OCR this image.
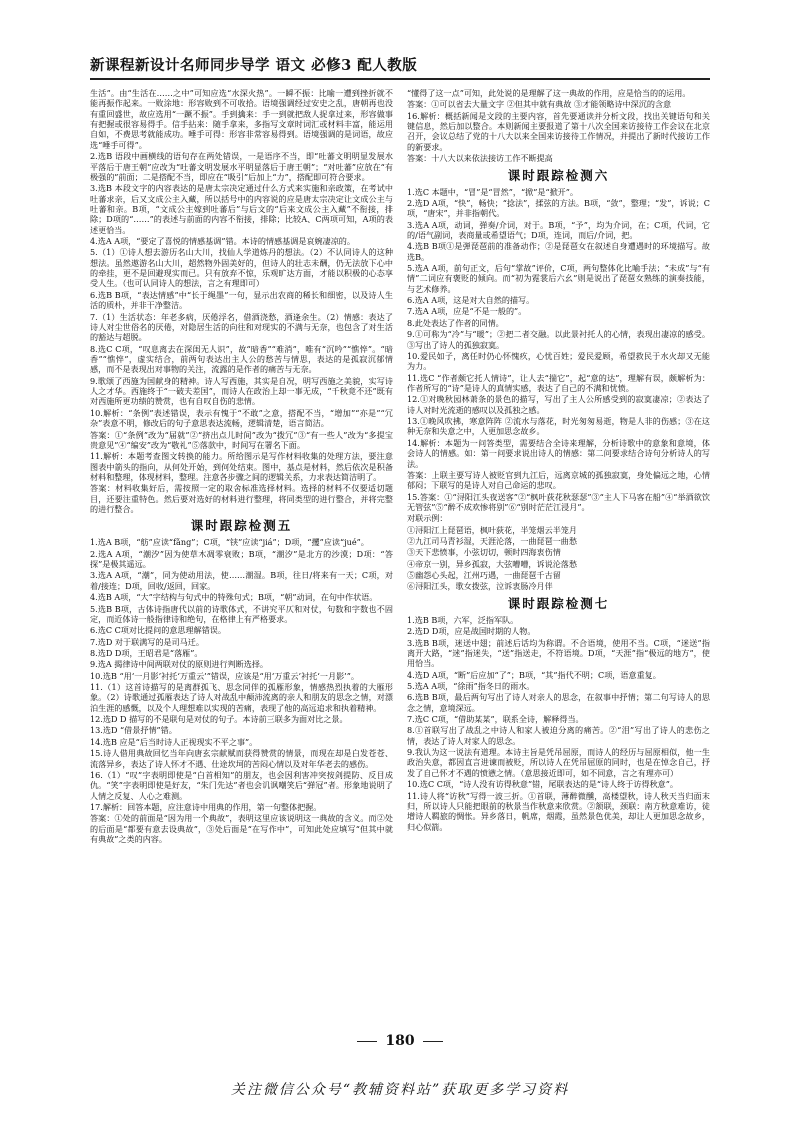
新课程新设计名师同步导学 语文 必修3 配人教版
生活”。由“生活在……之中”可知应选“水深火热”。一瞬不振：比喻一遭到挫折就不能再振作起来。一败涂地：形容败到不可收拾。语境强调经过安史之乱，唐朝再也没有重回盛世，故应选用“一蹶不振”。手到擒来：手一到就把敌人捉拿过来，形容做事有把握或很容易得手。信手拈来：随手拿来，多指写文章时词汇或材料丰富，能运用自如，不费思考就能成功。唾手可得：形容非常容易得到。语境强调的是词语，故应选“唾手可得”。
2.选B 语段中画横线的语句存在两处错误，一是语序不当，即“吐蕃文明明显发展水平落后于唐王朝”应改为“吐蕃文明发展水平明显落后于唐王朝”；“对吐蕃”应放在“有极强的”前面；二是搭配不当，即应在“吸引”后加上“力”，搭配即可符合要求。
3.选B 本段文字的内容表达的是唐太宗决定通过什么方式来实施和亲政策，在考试中吐蕃求亲，后又文成公主入藏，所以括号中的内容说的应是唐太宗决定让文成公主与吐蕃和亲。B项，“文成公主嫁到吐蕃后”与后文的“后来文成公主入藏”不衔接，排除；D项的“……”的表述与前面的内容不衔接，排除；比较A、C两项可知，A项的表述更恰当。
4.选A A项，“要定了喜悦的情感基调”错。本诗的情感基调是哀婉凄凉的。
5.（1）①诗人想去游历名山大川，找仙人学道炼丹的想法。（2）不认同诗人的这种想法。虽然遨游名山大川，超然物外固美好的，但诗人的壮志未酬，仍无法放下心中的牵挂，更不是回避现实而已。只有放弃不惊，乐观旷达方面，才能以积极的心态享受人生。（也可认同诗人的想法，言之有理即可）
6.选B B项，“表达情感”中“长于绳墨”一句，显示出农商的稀长和细密，以及诗人生活的质朴，并非干净整洁。
7.（1）生活状态：年老多病，厌倦浮名，借酒浇愁，酒逢余生。（2）情感：表达了诗人对尘世俗名的厌倦，对隐居生活的向往和对现实的不满与无奈，也包含了对生活的豁达与超脱。
8.选C C项，“叹息离去在深闺无人识”，故“暗香”“难消”，唯有“沉吟”“憔悴”。“暗香”“憔悴”，虚实结合，前两句表达出主人公的愁苦与情思，表达的是孤寂沉郁情感，而不是表现出对事物的关注，流露的是作者的痛苦与无奈。
9.歌颂了西施为国献身的精神。诗人写西施，其实是自况，明写西施之美貌，实写诗人之才华。西施终于“一破夫差国”，而诗人在政治上却一事无成，“千秋竟不还”既有对西施所更功绩的赞赏，也有自叹自伤的悲情。
10.解析：“条例”表述错误，表示有愧于“不敢”之意，搭配不当，“增加”“亦是”“冗杂”表意不明，修改后的句子意思表达流畅，逻辑清楚，语言简洁。
答案：①“条例”改为“届就”②“挤出点儿时间”改为“拨冗”③“有一些人”改为“多提宝贵意见”④“编安”改为“敬礼”⑤落款中，时间写在署名下面。
11.解析：本题考查图文转换的能力。所给图示是写作材料收集的处理方法，要注意图表中箭头的指向，从何处开始，到何处结束。图中，基点是材料，然后依次是积备材料和整理，体现材料，整理。注意各步骤之间的逻辑关系，力求表达简洁明了。
答案：材料收集好后，需按照一定的取舍标准选择材料。选择的材料不仅要适切题目，还要注重特色。然后要对选好的材料进行整理，将同类型的进行整合，并将完整的进行整合。
课时跟踪检测五
1.选A B项，“舫”应读“fǎng”；C项，“铗”应读“jiá”；D项，“攫”应读“jué”。
2.选A A项，“潮汐”因为使草木凋零衰败；B项，“潮汐”是北方的沙漠；D项：“答探”是极其遥远。
3.选A A项，“潮”，同为使动用法，使……潮湿。B项，往日/将来有一天；C项，对着/接连；D项，回收/返回，回家。
4.选B A项，“大”字结构与句式中的特殊句式；B项，“朝”动词，在句中作状语。
5.选B B项，古体诗指唐代以前的诗歌体式，不讲究平仄和对仗，句数和字数也不固定，而近体诗一般指律诗和绝句，在格律上有严格要求。
6.选C C项对比提问的意思理解错误。
7.选D 对于联满写的是司马迁。
8.选D D项，王昭君是“落雁”。
9.选A 揭律诗中间两联对仗的原则进行判断选择。
10.选B “用‘一月影’衬托‘万重云’”错误，应该是“用‘万重云’衬托‘一月影’”。
11.（1）这首诗描写的是离群孤飞、思念同伴的孤雁形象，情感热烈执着的大雁形象。（2）诗歌通过孤雁表达了诗人对战乱中颠沛流离的亲人和朋友的思念之情，对漂泊生涯的感慨，以及个人理想难以实现的苦痛，表现了他的高远追求和执着精神。
12.选D D 描写的不是联句是对仗的句子。本诗前三联多为面对比之景。
13.选D “借景抒情”错。
14.选B 应是“后当时诗人正视现实不平之事”。
15.诗人借用典故回忆当年向唐玄宗献赋而获得赞赏的情景，而现在却是白发苍苍、流落异乡，表达了诗人怀才不遇、仕途坎坷的苦闷心情以及对年华老去的感伤。
16.（1）“叹”字表明即使是“白首相知”的朋友，也会因利害冲突按剑提防、反目成仇。“笑”字表明即使是好友，“朱门先达”者也会讥讽嘲笑后“弹冠”者。形象地说明了人情之反复、人心之难测。
17.解析：回答本题，应注意诗中用典的作用，第一句整体把握。
答案：①处的前面是“因为用一个典故”，表明这里应该说明这一典故的含义。而②处的后面是“都要有意去设典故”，③处后面是“在写作中”，可知此处应填写“但其中就有典故”之类的内容。
“懂得了这一点”可知，此处说的是理解了这一典故的作用，应是恰当的的运用。
答案：①可以省去大量文字 ②但其中就有典故 ③才能领略诗中深沉的含意
16.解析：概括新闻是文段的主要内容，首先要通读并分析文段，找出关键语句和关键信息，然后加以整合。本则新闻主要报道了第十八次全国来访接待工作会议在北京召开，会议总结了党的十八大以来全国来访接待工作情况，并提出了新时代接访工作的新要求。
答案：十八大以来依法接访工作不断提高
课时跟踪检测六
1.选C 本题中，“冒”是“冒然”，“掀”是“掀开”。
2.选D A项，“快”，畅快；“捻法”，揉弦的方法。B项，“敛”，整理；“发”，诉说；C项，“唐宋”，并非指朝代。
3.选A A项，动词，弹奏/介词，对于。B项，“予”，均为介词，在；C项，代词，它的/语气副词，表商量或希望语气；D项，连词，而后/介词，把。
4.选B B项①是弹琵琶前的准备动作；②是琵琶女在叙述自身遭遇时的环境描写。故选B。
5.选A A项，前句正文，后句“掌故”评价，C项，两句整体化比喻手法；“未成”与“有情”二词应有褒贬的倾向。而“初为霓裳后六幺”则是说出了琵琶女熟练的演奏技能，与艺术修养。
6.选A A项，这是对大自然的描写。
7.选A A项，应是“不是一般的”。
8.此处表达了作者的同情。
9.①可称为“冷”与“暖”；②把二者交融。以此景衬托人的心情，表现出凄凉的感受。③写出了诗人的孤独寂寞。
10.爱民如子，离任时仍心怀愧疚，心忧百姓；爱民爱顾，希望救民于水火却又无能为力。
11.选C “作者颇它托人情诗”，让人去“揣它”，起“意的达”，理解有误，颇解析为：作者所写的“诗”是诗人的真情实感，表达了自己的不满和忧愤。
12.①对晚秋园林萧条的景色的描写，写出了主人公所感受到的寂寞凄凉；②表达了诗人对时光流逝的感叹以及孤独之感。
13.①晚风吹拂，寒意阵阵 ②流水与落花，时光匆匆易逝，物是人非的伤感；③在这种无奈和失意之中，人更加思念故乡。
14.解析：本题为一问答类型，需要结合全诗来理解，分析诗歌中的意象和意境，体会诗人的情感。如：第一问要求说出诗人的情感：第二问要求结合诗句分析诗人的写法。
答案：上联主要写诗人被贬官到九江后，远离京城的孤独寂寞，身处偏远之地，心情郁闷；下联写的是诗人对自己命运的悲叹。
15.答案：①“浔阳江头夜送客”②“枫叶荻花秋瑟瑟”③“主人下马客在船”④“举酒欲饮无管弦”⑤“醉不成欢惨将别”⑥“别时茫茫江浸月”。
对联示例：
①浔阳江上琵琶语，枫叶荻花，半笼烟云半笼月
②九江司马青衫湿，天涯沦落，一曲琵琶一曲愁
③天下悲愤事，小弦切切，顿时四海衷伤情
④帝京一别，异乡孤寂，大弦嘈嘈，诉说沦落愁
⑤幽怨心头起，江州巧遇，一曲琵琶千古留
⑥浔阳江头，歌女拨弦，泣诉衷肠冷月伴
课时跟踪检测七
1.选B B项，六军，泛指军队。
2.选D D项，应是战国时期的人物。
3.选B B项，迷送中翅；前述后话均为称谓。不合语境，使用不当。C项，“迷送”指离开大路，“迷”指迷失，“送”指送走，不符语境。D项，“天涯”指“极远的地方”，使用恰当。
4.选D A项，“断”后应加“了”；B项，“其”指代不明；C项，语意重复。
5.选A A项，“徐雨”指冬日的雨水。
6.选B B项，最后两句写出了诗人对亲人的思念，在叙事中抒情；第二句写诗人的思念之情，意境深远。
7.选C C项，“借助某某”，联系全诗，解释得当。
8.①首联写出了战乱之中诗人和家人被迫分离的痛苦。②“泪”写出了诗人的悲伤之情，表达了诗人对家人的思念。
9.我认为这一说法有道理。本诗主旨是凭吊屈原，而诗人的经历与屈原相似，他一生政治失意，都因直言进谏而被贬，所以诗人在凭吊屈原的同时，也是在悼念自己，抒发了自己怀才不遇的愤懑之情。（意思接近即可，如不同意，言之有理亦可）
10.选C C项，“诗人没有访得秋意”错，尾联表达的是“诗人终于访得秋意”。
11.诗人将“访秋”写得一波三折。①首联，薄醉微醺，高楼望秋，诗人秋天当归面末归，所以诗人只能把眼前的秋景当作秋意来欣赏。②颔联，颈联：南方秋意难访，徒增诗人羁旅的惆怅。异乡落日，帆席，烟霞，虽然景色优美，却让人更加思念故乡，归心似箭。
180
关注微信公众号“教辅资料站”获取更多学习资料
